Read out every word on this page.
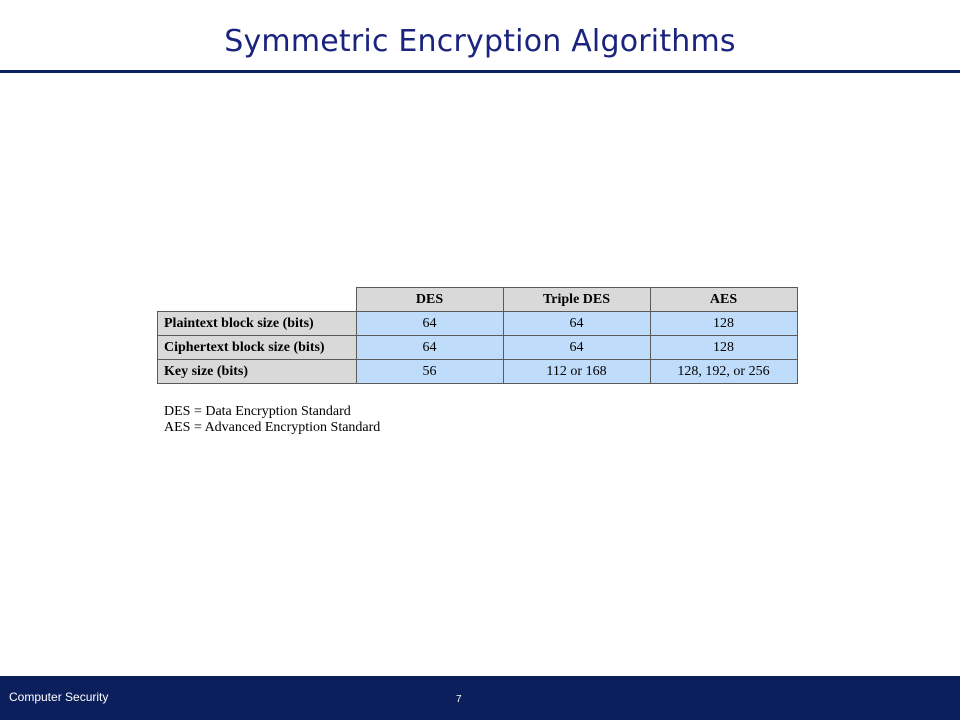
Symmetric Encryption Algorithms
	DES	Triple DES	AES
Plaintext block size (bits)	64	64	128
Ciphertext block size (bits)	64	64	128
Key size (bits)	56	112 or 168	128, 192, or 256
DES = Data Encryption Standard
AES = Advanced Encryption Standard
Computer Security	7
